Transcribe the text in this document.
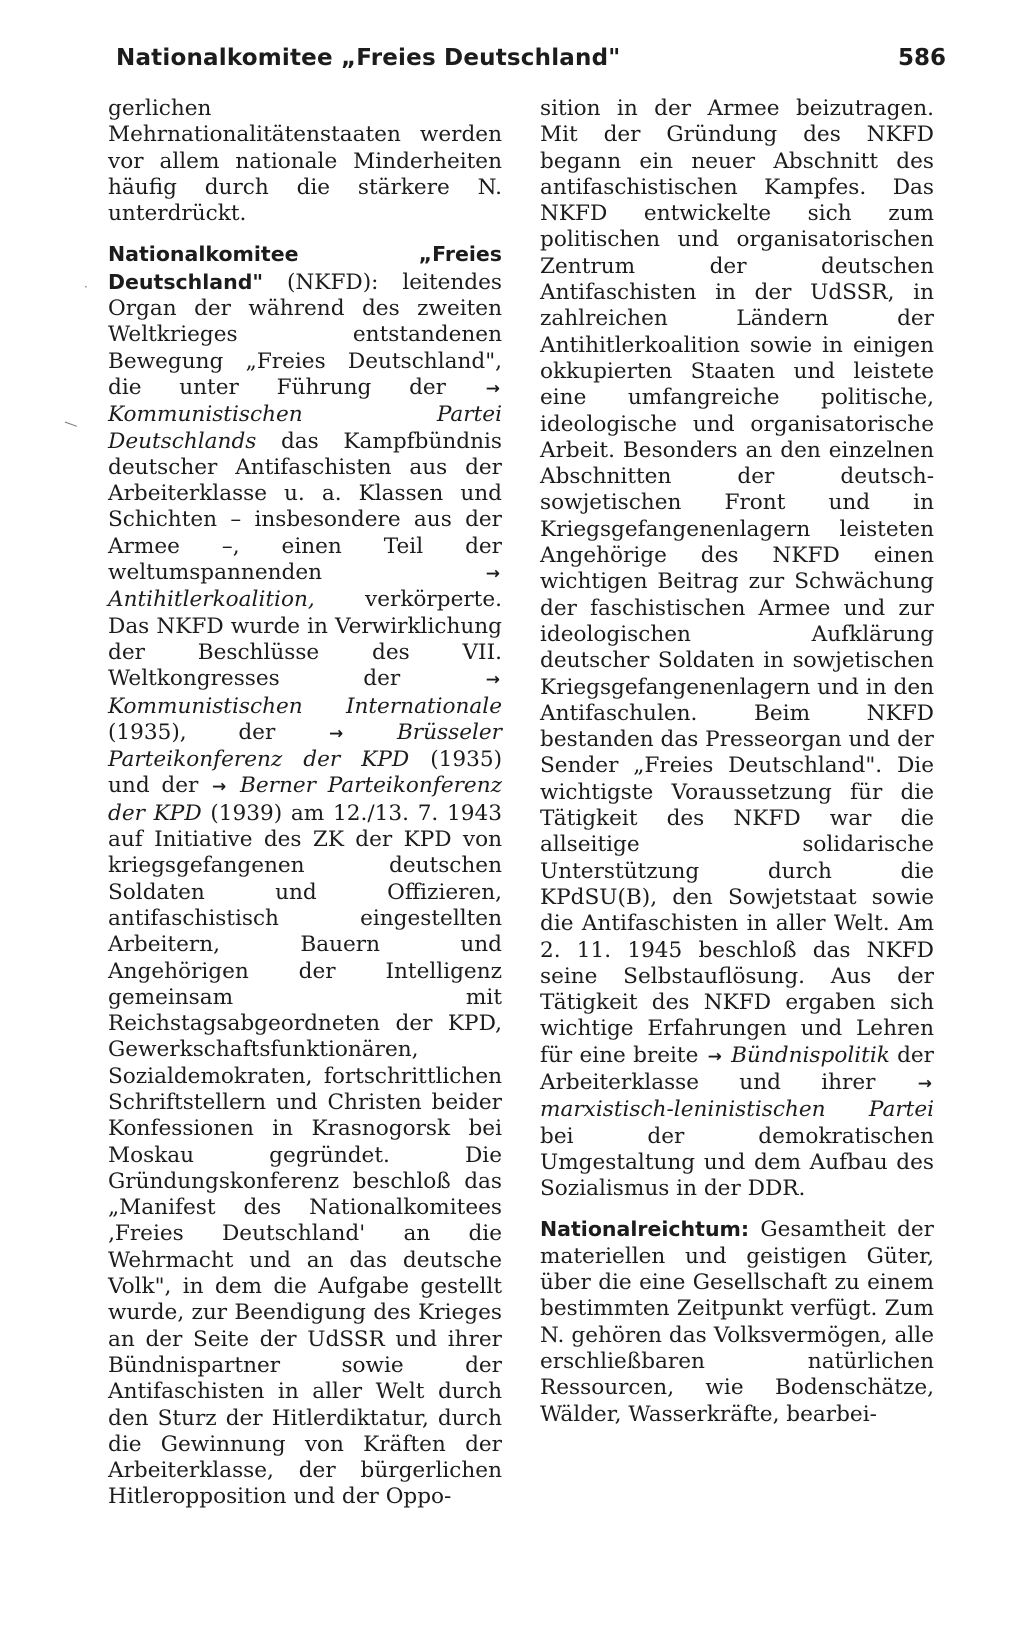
Nationalkomitee „Freies Deutschland"	586

gerlichen Mehrnationalitätenstaaten werden vor allem nationale Minderheiten häufig durch die stärkere N. unterdrückt.

Nationalkomitee „Freies Deutschland" (NKFD): leitendes Organ der während des zweiten Weltkrieges entstandenen Bewegung „Freies Deutschland", die unter Führung der → Kommunistischen Partei Deutschlands das Kampfbündnis deutscher Antifaschisten aus der Arbeiterklasse u. a. Klassen und Schichten – insbesondere aus der Armee –, einen Teil der weltumspannenden → Antihitlerkoalition, verkörperte. Das NKFD wurde in Verwirklichung der Beschlüsse des VII. Weltkongresses der → Kommunistischen Internationale (1935), der → Brüsseler Parteikonferenz der KPD (1935) und der → Berner Parteikonferenz der KPD (1939) am 12./13. 7. 1943 auf Initiative des ZK der KPD von kriegsgefangenen deutschen Soldaten und Offizieren, antifaschistisch eingestellten Arbeitern, Bauern und Angehörigen der Intelligenz gemeinsam mit Reichstagsabgeordneten der KPD, Gewerkschaftsfunktionären, Sozialdemokraten, fortschrittlichen Schriftstellern und Christen beider Konfessionen in Krasnogorsk bei Moskau gegründet. Die Gründungskonferenz beschloß das „Manifest des Nationalkomitees ‚Freies Deutschland' an die Wehrmacht und an das deutsche Volk", in dem die Aufgabe gestellt wurde, zur Beendigung des Krieges an der Seite der UdSSR und ihrer Bündnispartner sowie der Antifaschisten in aller Welt durch den Sturz der Hitlerdiktatur, durch die Gewinnung von Kräften der Arbeiterklasse, der bürgerlichen Hitleropposition und der Oppo-

sition in der Armee beizutragen. Mit der Gründung des NKFD begann ein neuer Abschnitt des antifaschistischen Kampfes. Das NKFD entwickelte sich zum politischen und organisatorischen Zentrum der deutschen Antifaschisten in der UdSSR, in zahlreichen Ländern der Antihitlerkoalition sowie in einigen okkupierten Staaten und leistete eine umfangreiche politische, ideologische und organisatorische Arbeit. Besonders an den einzelnen Abschnitten der deutsch-sowjetischen Front und in Kriegsgefangenenlagern leisteten Angehörige des NKFD einen wichtigen Beitrag zur Schwächung der faschistischen Armee und zur ideologischen Aufklärung deutscher Soldaten in sowjetischen Kriegsgefangenenlagern und in den Antifaschulen. Beim NKFD bestanden das Presseorgan und der Sender „Freies Deutschland". Die wichtigste Voraussetzung für die Tätigkeit des NKFD war die allseitige solidarische Unterstützung durch die KPdSU(B), den Sowjetstaat sowie die Antifaschisten in aller Welt. Am 2. 11. 1945 beschloß das NKFD seine Selbstauflösung. Aus der Tätigkeit des NKFD ergaben sich wichtige Erfahrungen und Lehren für eine breite → Bündnispolitik der Arbeiterklasse und ihrer → marxistisch-leninistischen Partei bei der demokratischen Umgestaltung und dem Aufbau des Sozialismus in der DDR.

Nationalreichtum: Gesamtheit der materiellen und geistigen Güter, über die eine Gesellschaft zu einem bestimmten Zeitpunkt verfügt. Zum N. gehören das Volksvermögen, alle erschließbaren natürlichen Ressourcen, wie Bodenschätze, Wälder, Wasserkräfte, bearbei-

·
—
